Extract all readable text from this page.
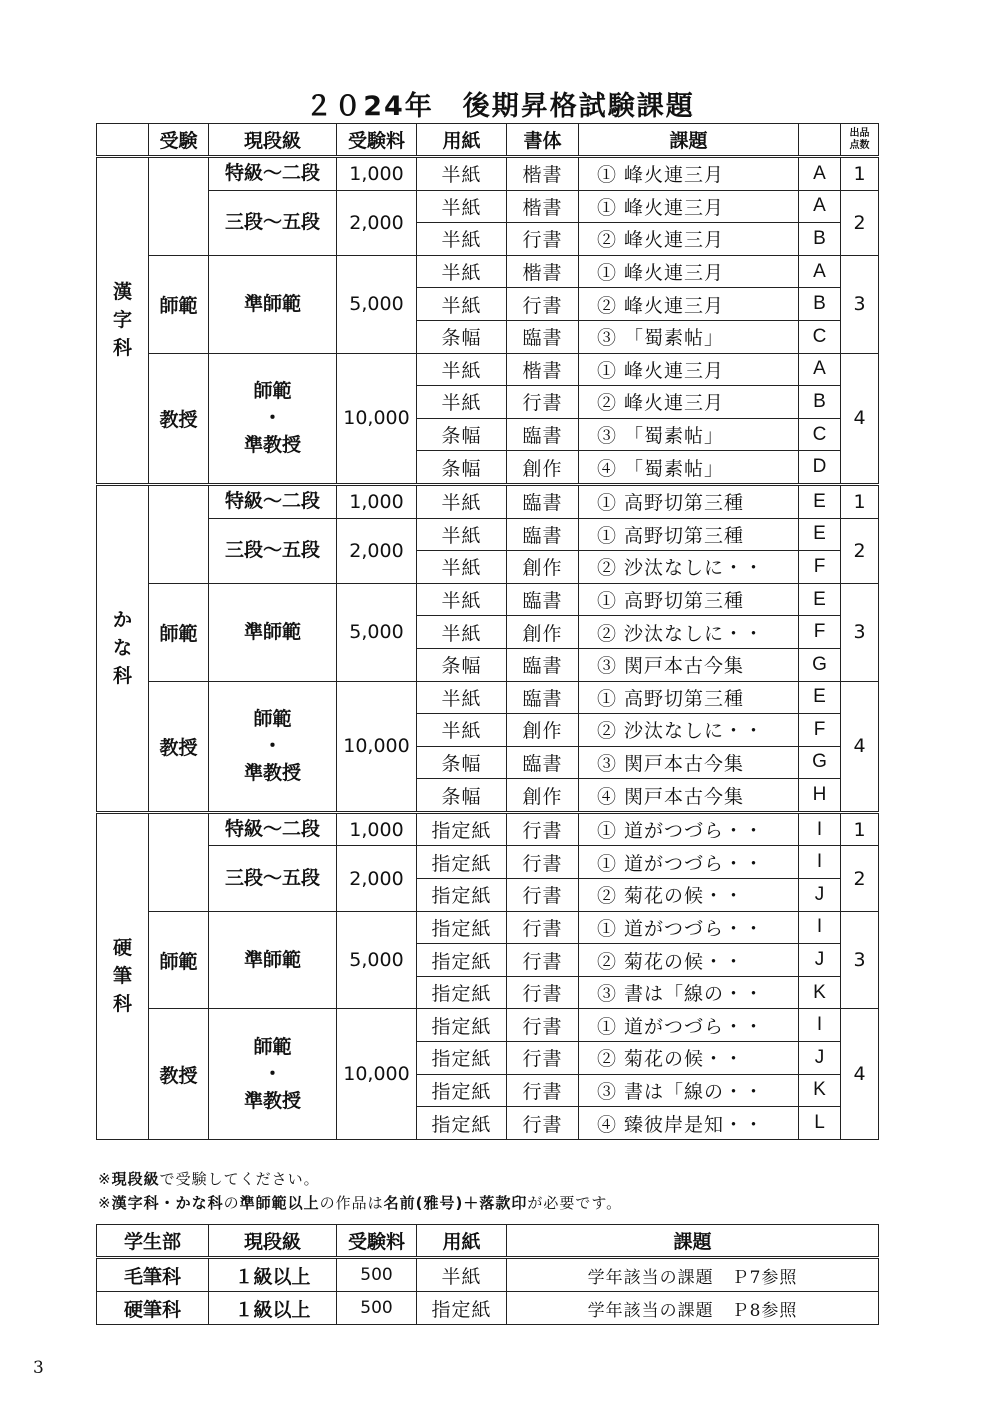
２０24年　後期昇格試験課題
	受験	現段級	受験料	用紙	書体	課題		出品
点数

漢
字
科		特級～二段	1,000	半紙	楷書	① 峰火連三月	A	1

		三段～五段	2,000	半紙	楷書	① 峰火連三月	A	2
				半紙	行書	② 峰火連三月	B	
	師範	準師範	5,000	半紙	楷書	① 峰火連三月	A	3
				半紙	行書	② 峰火連三月	B	
				条幅	臨書	③ 「蜀素帖」	C	
	教授	師範
・
準教授	10,000	半紙	楷書	① 峰火連三月	A	4
				半紙	行書	② 峰火連三月	B	
				条幅	臨書	③ 「蜀素帖」	C	
				条幅	創作	④ 「蜀素帖」	D	

か
な
科		特級～二段	1,000	半紙	臨書	① 高野切第三種	E	1

		三段～五段	2,000	半紙	臨書	① 高野切第三種	E	2
				半紙	創作	② 沙汰なしに・・	F	
	師範	準師範	5,000	半紙	臨書	① 高野切第三種	E	3
				半紙	創作	② 沙汰なしに・・	F	
				条幅	臨書	③ 関戸本古今集	G	
	教授	師範
・
準教授	10,000	半紙	臨書	① 高野切第三種	E	4
				半紙	創作	② 沙汰なしに・・	F	
				条幅	臨書	③ 関戸本古今集	G	
				条幅	創作	④ 関戸本古今集	H	

硬
筆
科		特級～二段	1,000	指定紙	行書	① 道がつづら・・	I	1

		三段～五段	2,000	指定紙	行書	① 道がつづら・・	I	2
				指定紙	行書	② 菊花の候・・	J	
	師範	準師範	5,000	指定紙	行書	① 道がつづら・・	I	3
				指定紙	行書	② 菊花の候・・	J	
				指定紙	行書	③ 書は「線の・・	K	
	教授	師範
・
準教授	10,000	指定紙	行書	① 道がつづら・・	I	4
				指定紙	行書	② 菊花の候・・	J	
				指定紙	行書	③ 書は「線の・・	K	
				指定紙	行書	④ 臻彼岸是知・・	L	
※現段級で受験してください。
※漢字科・かな科の準師範以上の作品は名前(雅号)＋落款印が必要です。
学生部	現段級	受験料	用紙	課題
毛筆科	１級以上	500	半紙	学年該当の課題　Ｐ7参照
硬筆科	１級以上	500	指定紙	学年該当の課題　Ｐ8参照
3
